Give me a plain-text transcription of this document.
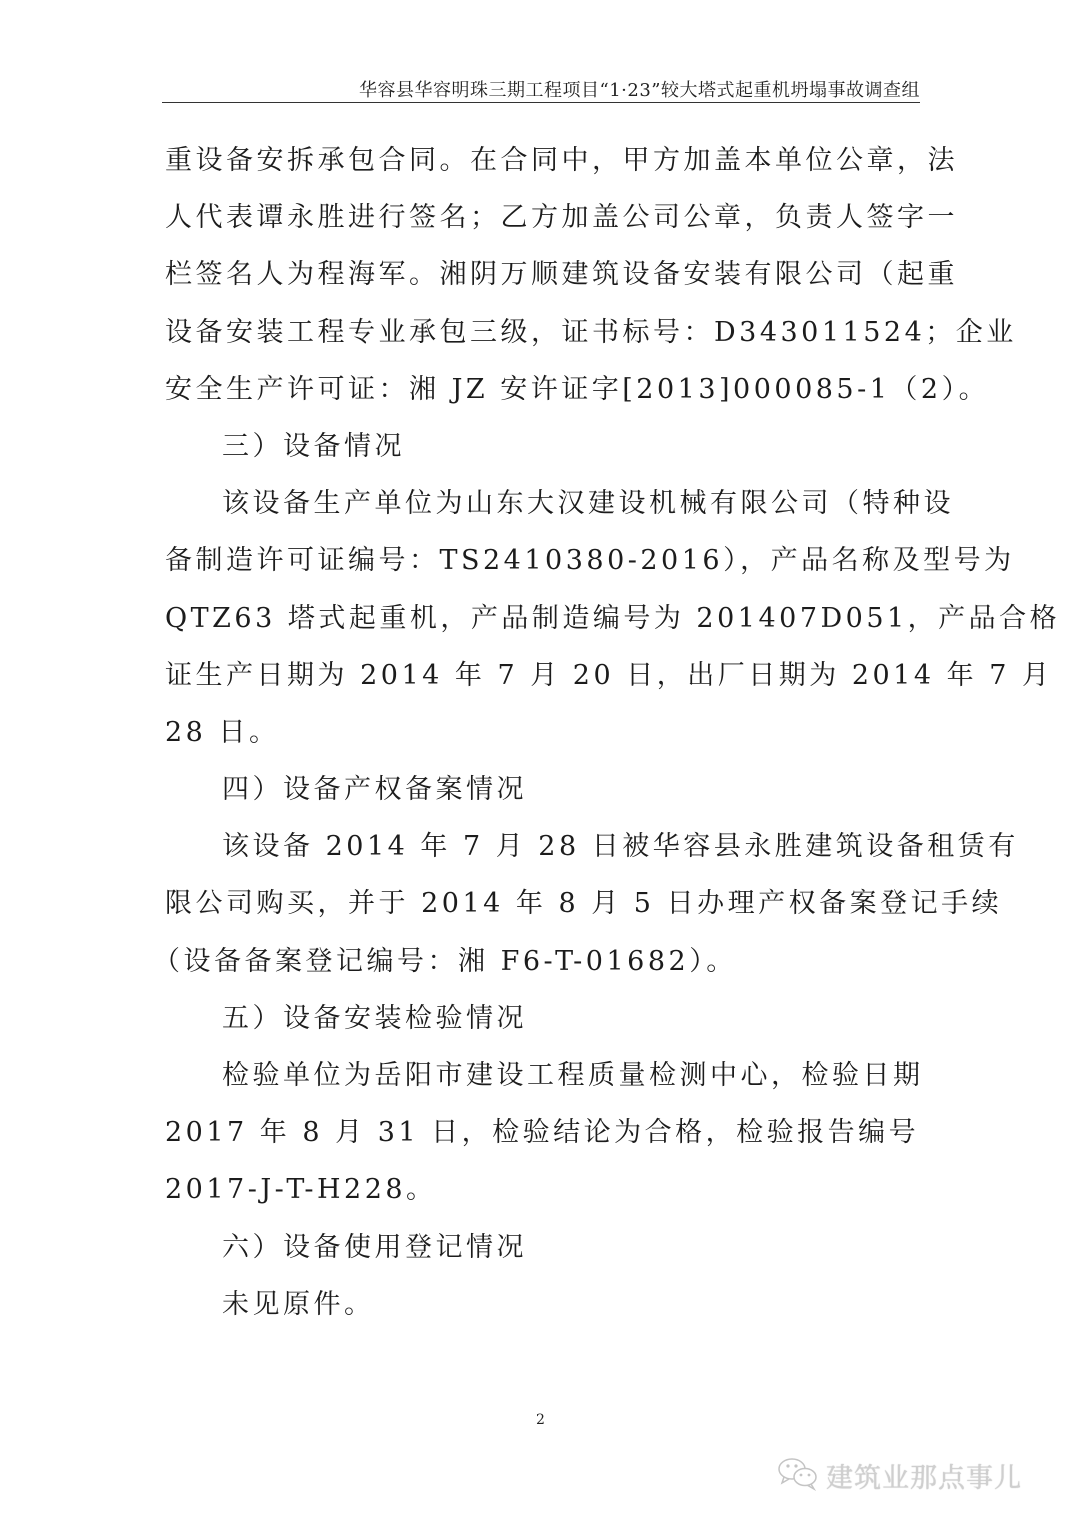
华容县华容明珠三期工程项目“1·23”较大塔式起重机坍塌事故调查组
重设备安拆承包合同。在合同中，甲方加盖本单位公章，法
人代表谭永胜进行签名；乙方加盖公司公章，负责人签字一
栏签名人为程海军。湘阴万顺建筑设备安装有限公司（起重
设备安装工程专业承包三级，证书标号：D343011524；企业
安全生产许可证：湘 JZ 安许证字[2013]000085-1（2）。
三）设备情况
该设备生产单位为山东大汉建设机械有限公司（特种设
备制造许可证编号：TS2410380-2016），产品名称及型号为
QTZ63 塔式起重机，产品制造编号为 201407D051，产品合格
证生产日期为 2014 年 7 月 20 日，出厂日期为 2014 年 7 月
28 日。
四）设备产权备案情况
该设备 2014 年 7 月 28 日被华容县永胜建筑设备租赁有
限公司购买，并于 2014 年 8 月 5 日办理产权备案登记手续
（设备备案登记编号：湘 F6-T-01682）。
五）设备安装检验情况
检验单位为岳阳市建设工程质量检测中心，检验日期
2017 年 8 月 31 日，检验结论为合格，检验报告编号
2017-J-T-H228。
六）设备使用登记情况
未见原件。
2
建筑业那点事儿
